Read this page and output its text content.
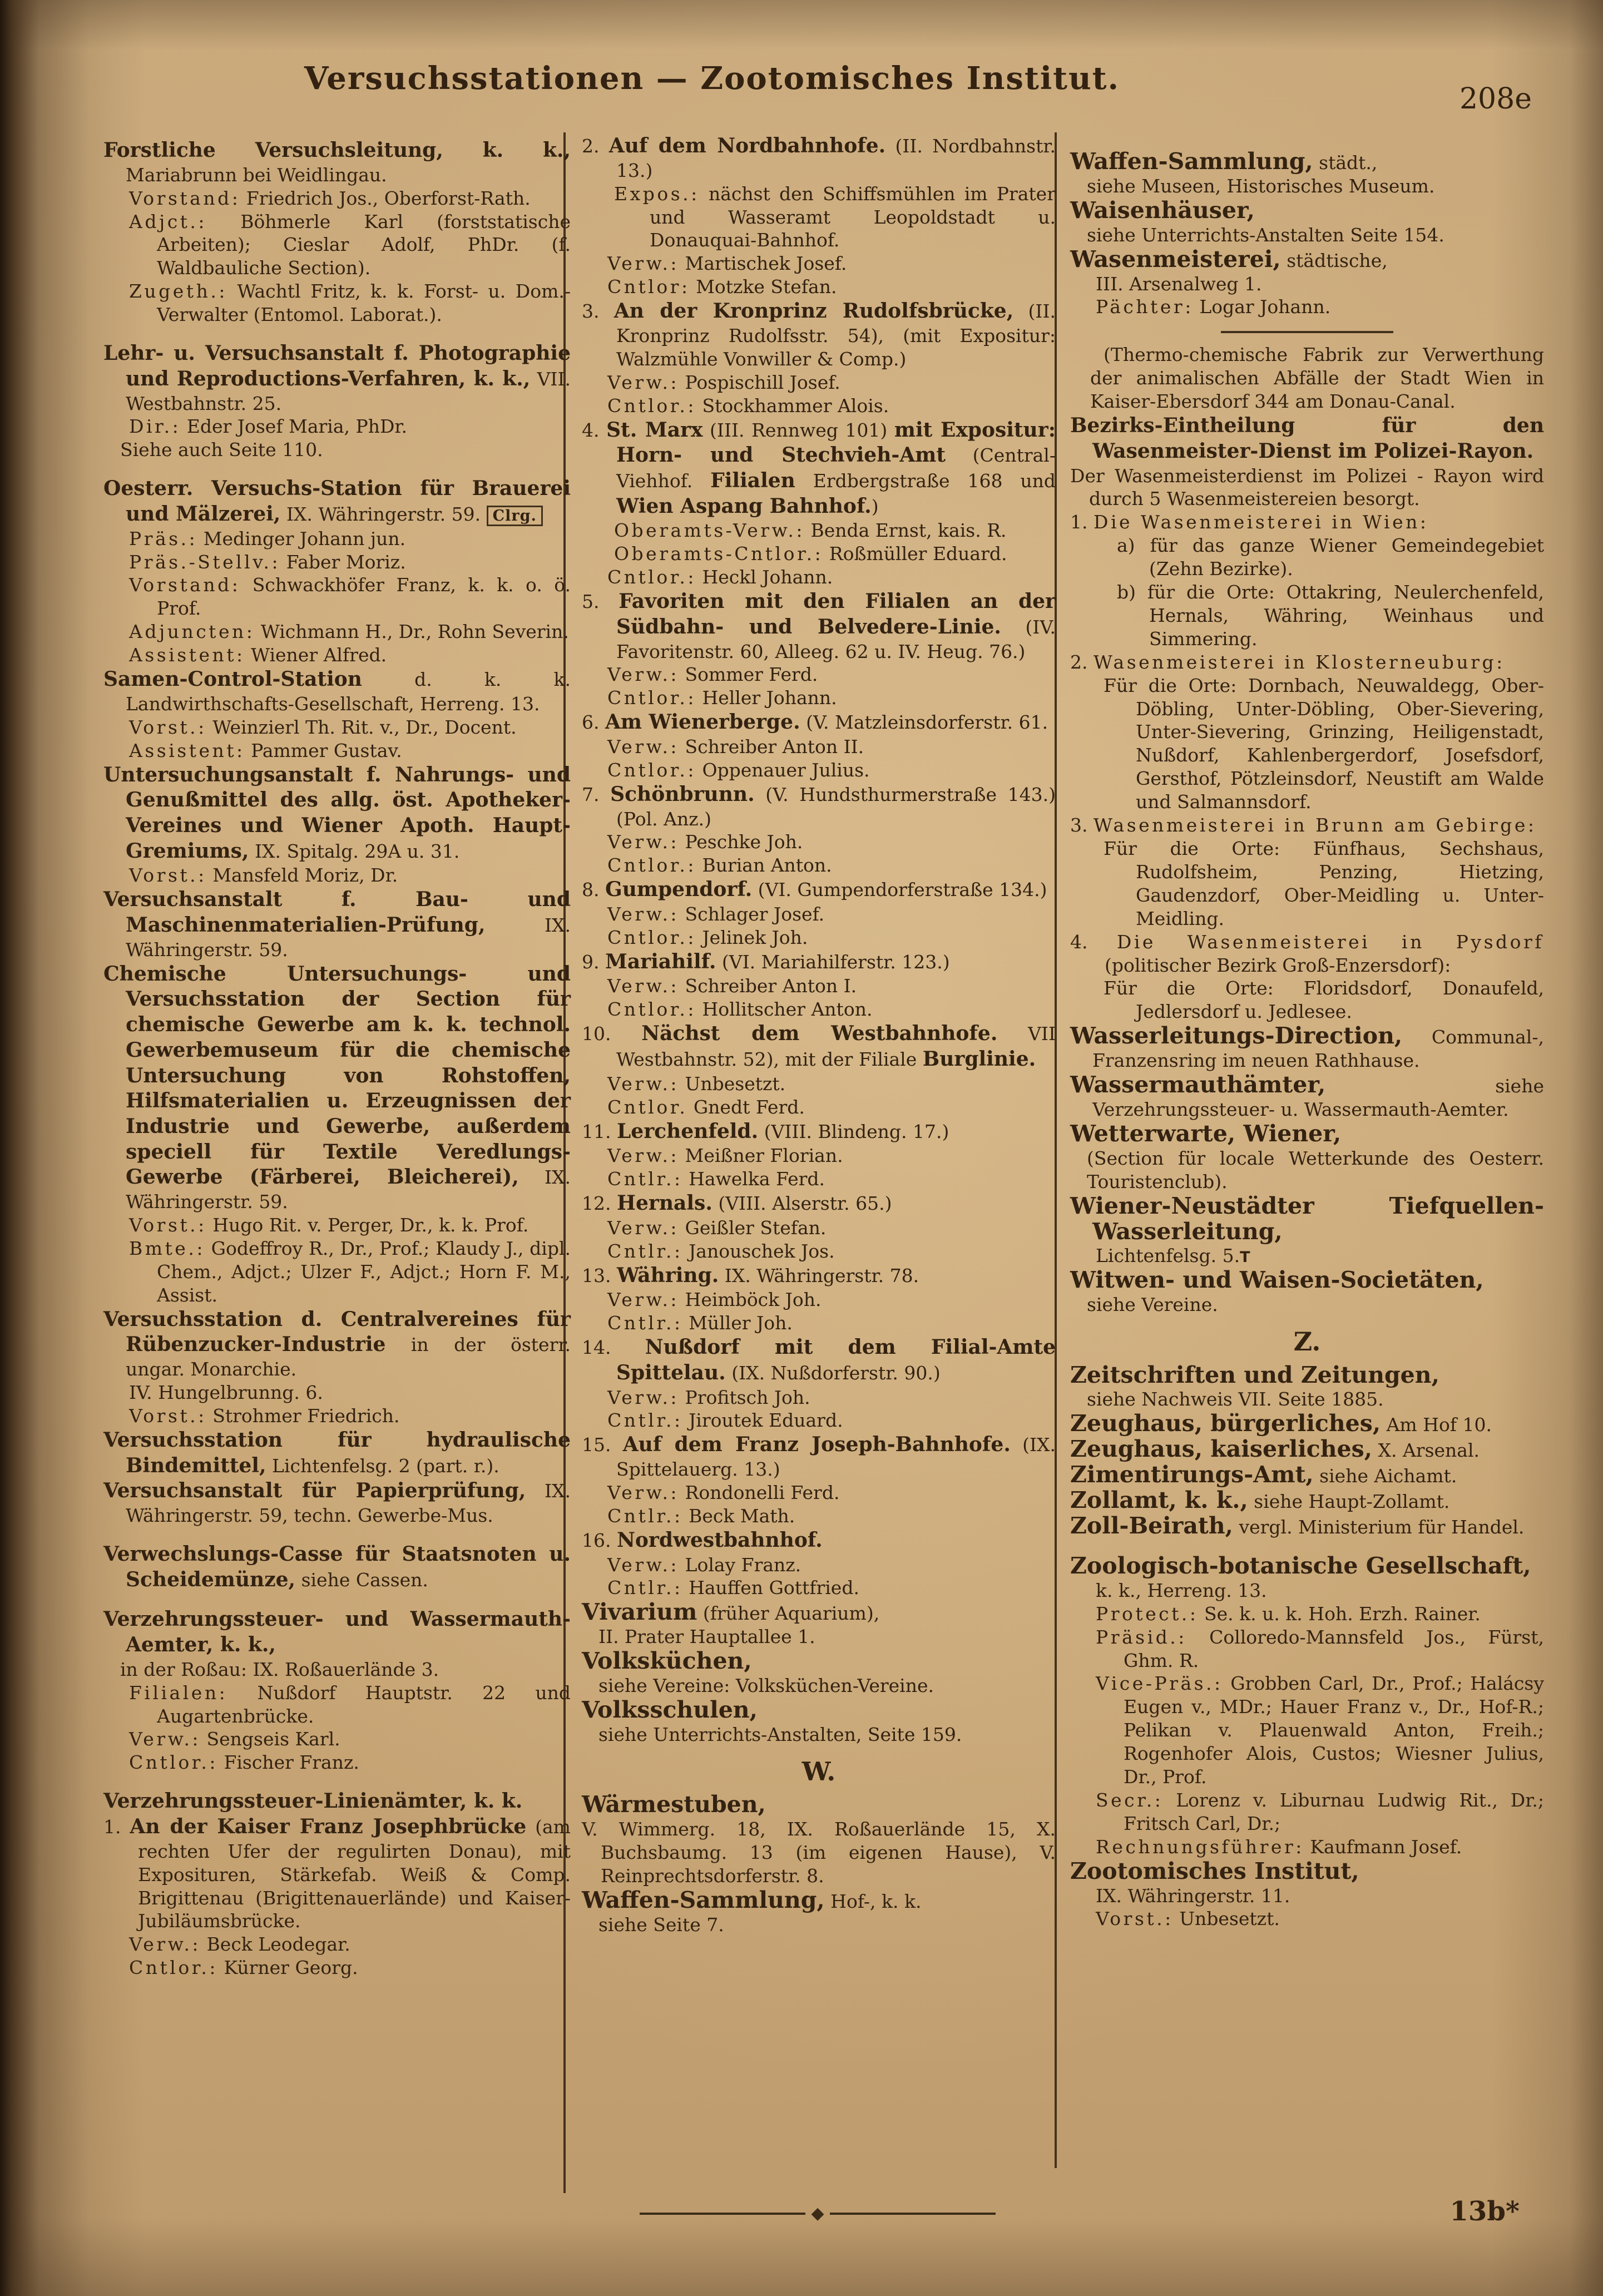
Versuchsstationen — Zootomisches Institut.
208e

Forstliche Versuchsleitung, k. k., Mariabrunn bei Weidlingau.

Vorstand: Friedrich Jos., Oberforst-Rath.

Adjct.: Böhmerle Karl (forststatische Arbeiten); Cieslar Adolf, PhDr. (f. Waldbauliche Section).

Zugeth.: Wachtl Fritz, k. k. Forst- u. Dom.-Verwalter (Entomol. Laborat.).

Lehr- u. Versuchsanstalt f. Photographie und Reproductions-Verfahren, k. k., VII. Westbahnstr. 25.

Dir.: Eder Josef Maria, PhDr.

Siehe auch Seite 110.

Oesterr. Versuchs-Station für Brauerei und Mälzerei, IX. Währingerstr. 59. Clrg.

Präs.: Medinger Johann jun.

Präs.-Stellv.: Faber Moriz.

Vorstand: Schwackhöfer Franz, k. k. o. ö. Prof.

Adjuncten: Wichmann H., Dr., Rohn Severin.

Assistent: Wiener Alfred.

Samen-Control-Station d. k. k. Landwirthschafts-Gesellschaft, Herreng. 13.

Vorst.: Weinzierl Th. Rit. v., Dr., Docent.

Assistent: Pammer Gustav.

Untersuchungsanstalt f. Nahrungs- und Genußmittel des allg. öst. Apotheker-Vereines und Wiener Apoth. Haupt-Gremiums, IX. Spitalg. 29A u. 31.

Vorst.: Mansfeld Moriz, Dr.

Versuchsanstalt f. Bau- und Maschinenmaterialien-Prüfung, IX. Währingerstr. 59.

Chemische Untersuchungs- und Versuchsstation der Section für chemische Gewerbe am k. k. technol. Gewerbemuseum für die chemische Untersuchung von Rohstoffen, Hilfsmaterialien u. Erzeugnissen der Industrie und Gewerbe, außerdem speciell für Textile Veredlungs-Gewerbe (Färberei, Bleicherei), IX. Währingerstr. 59.

Vorst.: Hugo Rit. v. Perger, Dr., k. k. Prof.

Bmte.: Godeffroy R., Dr., Prof.; Klaudy J., dipl. Chem., Adjct.; Ulzer F., Adjct.; Horn F. M., Assist.

Versuchsstation d. Centralvereines für Rübenzucker-Industrie in der österr. ungar. Monarchie.

IV. Hungelbrunng. 6.

Vorst.: Strohmer Friedrich.

Versuchsstation für hydraulische Bindemittel, Lichtenfelsg. 2 (part. r.).

Versuchsanstalt für Papierprüfung, IX. Währingerstr. 59, techn. Gewerbe-Mus.

Verwechslungs-Casse für Staatsnoten u. Scheidemünze, siehe Cassen.

Verzehrungssteuer- und Wassermauth-Aemter, k. k.,

in der Roßau: IX. Roßauerlände 3.

Filialen: Nußdorf Hauptstr. 22 und Augartenbrücke.

Verw.: Sengseis Karl.

Cntlor.: Fischer Franz.

Verzehrungssteuer-Linienämter, k. k.

1. An der Kaiser Franz Josephbrücke (am rechten Ufer der regulirten Donau), mit Exposituren, Stärkefab. Weiß & Comp. Brigittenau (Brigittenauerlände) und Kaiser-Jubiläumsbrücke.

Verw.: Beck Leodegar.

Cntlor.: Kürner Georg.

2. Auf dem Nordbahnhofe. (II. Nordbahnstr. 13.)

Expos.: nächst den Schiffsmühlen im Prater und Wasseramt Leopoldstadt u. Donauquai-Bahnhof.

Verw.: Martischek Josef.

Cntlor: Motzke Stefan.

3. An der Kronprinz Rudolfsbrücke, (II. Kronprinz Rudolfsstr. 54), (mit Expositur: Walzmühle Vonwiller & Comp.)

Verw.: Pospischill Josef.

Cntlor.: Stockhammer Alois.

4. St. Marx (III. Rennweg 101) mit Expositur: Horn- und Stechvieh-Amt (Central-Viehhof. Filialen Erdbergstraße 168 und Wien Aspang Bahnhof.)

Oberamts-Verw.: Benda Ernst, kais. R.

Oberamts-Cntlor.: Roßmüller Eduard.

Cntlor.: Heckl Johann.

5. Favoriten mit den Filialen an der Südbahn- und Belvedere-Linie. (IV. Favoritenstr. 60, Alleeg. 62 u. IV. Heug. 76.)

Verw.: Sommer Ferd.

Cntlor.: Heller Johann.

6. Am Wienerberge. (V. Matzleinsdorferstr. 61.

Verw.: Schreiber Anton II.

Cntlor.: Oppenauer Julius.

7. Schönbrunn. (V. Hundsthurmerstraße 143.) (Pol. Anz.)

Verw.: Peschke Joh.

Cntlor.: Burian Anton.

8. Gumpendorf. (VI. Gumpendorferstraße 134.)

Verw.: Schlager Josef.

Cntlor.: Jelinek Joh.

9. Mariahilf. (VI. Mariahilferstr. 123.)

Verw.: Schreiber Anton I.

Cntlor.: Hollitscher Anton.

10. Nächst dem Westbahnhofe. VII Westbahnstr. 52), mit der Filiale Burglinie.

Verw.: Unbesetzt.

Cntlor. Gnedt Ferd.

11. Lerchenfeld. (VIII. Blindeng. 17.)

Verw.: Meißner Florian.

Cntlr.: Hawelka Ferd.

12. Hernals. (VIII. Alserstr. 65.)

Verw.: Geißler Stefan.

Cntlr.: Janouschek Jos.

13. Währing. IX. Währingerstr. 78.

Verw.: Heimböck Joh.

Cntlr.: Müller Joh.

14. Nußdorf mit dem Filial-Amte Spittelau. (IX. Nußdorferstr. 90.)

Verw.: Profitsch Joh.

Cntlr.: Jiroutek Eduard.

15. Auf dem Franz Joseph-Bahnhofe. (IX. Spittelauerg. 13.)

Verw.: Rondonelli Ferd.

Cntlr.: Beck Math.

16. Nordwestbahnhof.

Verw.: Lolay Franz.

Cntlr.: Hauffen Gottfried.

Vivarium (früher Aquarium),

II. Prater Hauptallee 1.

Volksküchen,

siehe Vereine: Volksküchen-Vereine.

Volksschulen,

siehe Unterrichts-Anstalten, Seite 159.

W.

Wärmestuben,

V. Wimmerg. 18, IX. Roßauerlände 15, X. Buchsbaumg. 13 (im eigenen Hause), V. Reinprechtsdorferstr. 8.

Waffen-Sammlung, Hof-, k. k.

siehe Seite 7.

Waffen-Sammlung, städt.,

siehe Museen, Historisches Museum.

Waisenhäuser,

siehe Unterrichts-Anstalten Seite 154.

Wasenmeisterei, städtische,

III. Arsenalweg 1.

Pächter: Logar Johann.

(Thermo-chemische Fabrik zur Verwerthung der animalischen Abfälle der Stadt Wien in Kaiser-Ebersdorf 344 am Donau-Canal.

Bezirks-Eintheilung für den Wasenmeister-Dienst im Polizei-Rayon.

Der Wasenmeisterdienst im Polizei - Rayon wird durch 5 Wasenmeistereien besorgt.

1. Die Wasenmeisterei in Wien:

a) für das ganze Wiener Gemeindegebiet (Zehn Bezirke).

b) für die Orte: Ottakring, Neulerchenfeld, Hernals, Währing, Weinhaus und Simmering.

2. Wasenmeisterei in Klosterneuburg:

Für die Orte: Dornbach, Neuwaldegg, Ober-Döbling, Unter-Döbling, Ober-Sievering, Unter-Sievering, Grinzing, Heiligenstadt, Nußdorf, Kahlenbergerdorf, Josefsdorf, Gersthof, Pötzleinsdorf, Neustift am Walde und Salmannsdorf.

3. Wasenmeisterei in Brunn am Gebirge:

Für die Orte: Fünfhaus, Sechshaus, Rudolfsheim, Penzing, Hietzing, Gaudenzdorf, Ober-Meidling u. Unter-Meidling.

4. Die Wasenmeisterei in Pysdorf (politischer Bezirk Groß-Enzersdorf):

Für die Orte: Floridsdorf, Donaufeld, Jedlersdorf u. Jedlesee.

Wasserleitungs-Direction, Communal-, Franzensring im neuen Rathhause.

Wassermauthämter, siehe Verzehrungssteuer- u. Wassermauth-Aemter.

Wetterwarte, Wiener,

(Section für locale Wetterkunde des Oesterr. Touristenclub).

Wiener-Neustädter Tiefquellen-Wasserleitung,

Lichtenfelsg. 5.T

Witwen- und Waisen-Societäten,

siehe Vereine.

Z.

Zeitschriften und Zeitungen,

siehe Nachweis VII. Seite 1885.

Zeughaus, bürgerliches, Am Hof 10.

Zeughaus, kaiserliches, X. Arsenal.

Zimentirungs-Amt, siehe Aichamt.

Zollamt, k. k., siehe Haupt-Zollamt.

Zoll-Beirath, vergl. Ministerium für Handel.

Zoologisch-botanische Gesellschaft,

k. k., Herreng. 13.

Protect.: Se. k. u. k. Hoh. Erzh. Rainer.

Präsid.: Colloredo-Mannsfeld Jos., Fürst, Ghm. R.

Vice-Präs.: Grobben Carl, Dr., Prof.; Halácsy Eugen v., MDr.; Hauer Franz v., Dr., Hof-R.; Pelikan v. Plauenwald Anton, Freih.; Rogenhofer Alois, Custos; Wiesner Julius, Dr., Prof.

Secr.: Lorenz v. Liburnau Ludwig Rit., Dr.; Fritsch Carl, Dr.;

Rechnungsführer: Kaufmann Josef.

Zootomisches Institut,

IX. Währingerstr. 11.

Vorst.: Unbesetzt.

◆	13b*
